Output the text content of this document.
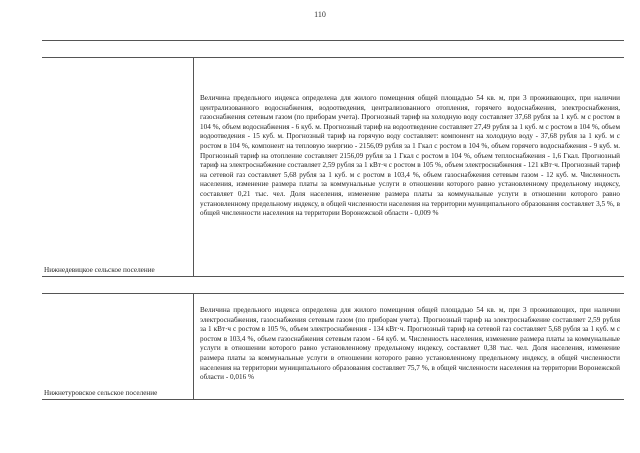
110
Нижнедевицкое сельское поселение
Величина предельного индекса определена для жилого помещения общей площадью 54 кв. м, при 3 проживающих, при наличии централизованного водоснабжения, водоотведения, централизованного отопления, горячего водоснабжения, электроснабжения, газоснабжения сетевым газом (по приборам учета). Прогнозный тариф на холодную воду составляет 37,68 рубля за 1 куб. м с ростом в 104 %, объем водоснабжения - 6 куб. м. Прогнозный тариф на водоотведение составляет 27,49 рубля за 1 куб. м с ростом в 104 %, объем водоотведения - 15 куб. м. Прогнозный тариф на горячую воду составляет: компонент на холодную воду - 37,68 рубля за 1 куб. м с ростом в 104 %, компонент на тепловую энергию - 2156,09 рубля за 1 Гкал с ростом в 104 %, объем горячего водоснабжения - 9 куб. м. Прогнозный тариф на отопление составляет 2156,09 рубля за 1 Гкал с ростом в 104 %, объем теплоснабжения - 1,6 Гкал. Прогнозный тариф на электроснабжение составляет 2,59 рубля за 1 кВт·ч с ростом в 105 %, объем электроснабжения - 121 кВт·ч. Прогнозный тариф на сетевой газ составляет 5,68 рубля за 1 куб. м с ростом в 103,4 %, объем газоснабжения сетевым газом - 12 куб. м. Численность населения, изменение размера платы за коммунальные услуги в отношении которого равно установленному предельному индексу, составляет 0,21 тыс. чел. Доля населения, изменение размера платы за коммунальные услуги в отношении которого равно установленному предельному индексу, в общей численности населения на территории муниципального образования составляет 3,5 %, в общей численности населения на территории Воронежской области - 0,009 %
Нижнетуровское сельское поселение
Величина предельного индекса определена для жилого помещения общей площадью 54 кв. м, при 3 проживающих, при наличии электроснабжения, газоснабжения сетевым газом (по приборам учета). Прогнозный тариф на электроснабжение составляет 2,59 рубля за 1 кВт·ч с ростом в 105 %, объем электроснабжения - 134 кВт·ч. Прогнозный тариф на сетевой газ составляет 5,68 рубля за 1 куб. м с ростом в 103,4 %, объем газоснабжения сетевым газом - 64 куб. м. Численность населения, изменение размера платы за коммунальные услуги в отношении которого равно установленному предельному индексу, составляет 0,38 тыс. чел. Доля населения, изменение размера платы за коммунальные услуги в отношении которого равно установленному предельному индексу, в общей численности населения на территории муниципального образования составляет 75,7 %, в общей численности населения на территории Воронежской области - 0,016 %
